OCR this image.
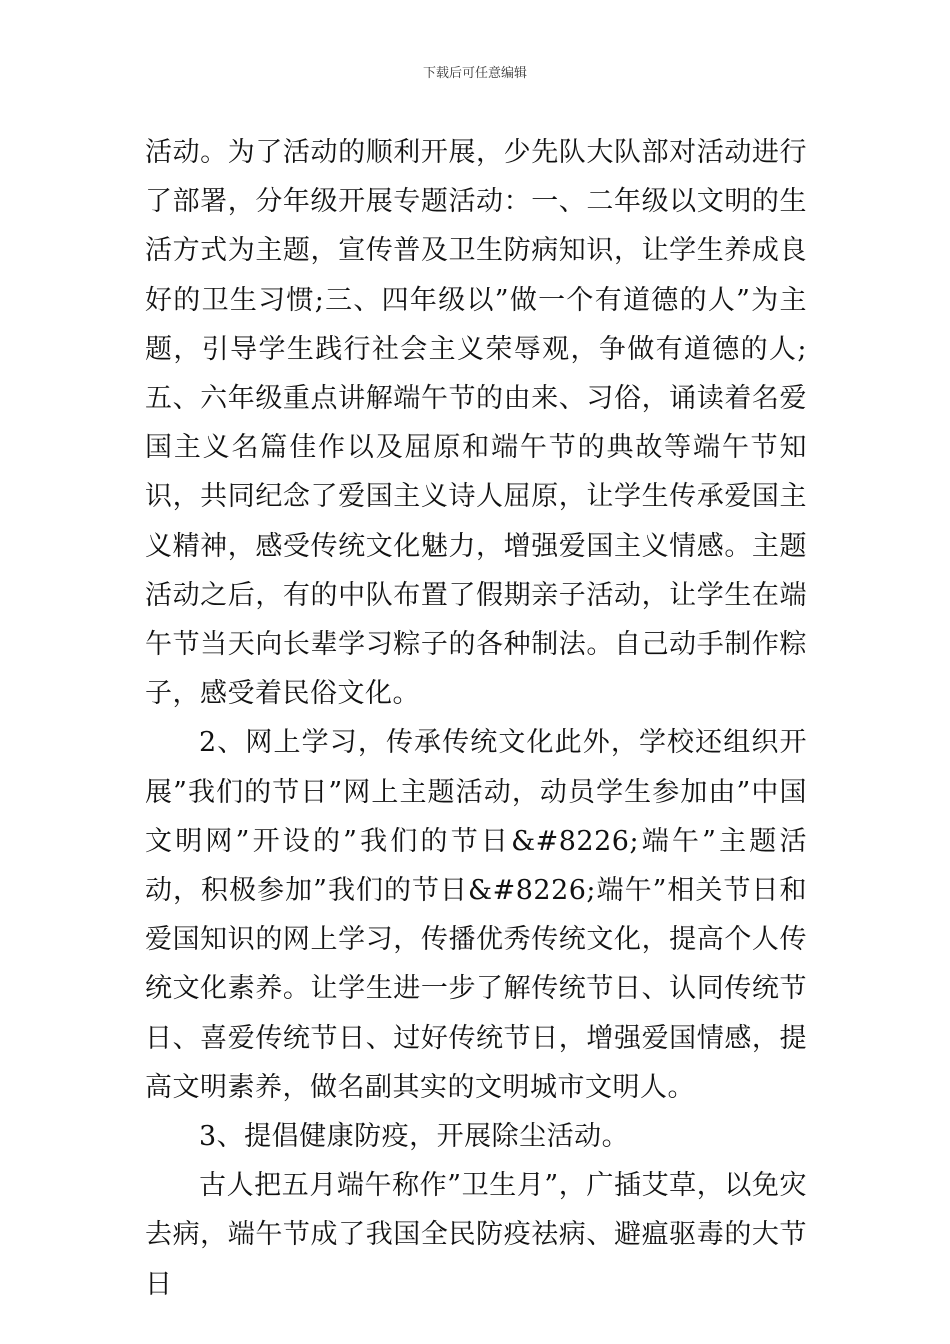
下载后可任意编辑

活动。为了活动的顺利开展，少先队大队部对活动进行了部署，分年级开展专题活动：一、二年级以文明的生活方式为主题，宣传普及卫生防病知识，让学生养成良好的卫生习惯;三、四年级以”做一个有道德的人”为主题，引导学生践行社会主义荣辱观，争做有道德的人;五、六年级重点讲解端午节的由来、习俗，诵读着名爱国主义名篇佳作以及屈原和端午节的典故等端午节知识，共同纪念了爱国主义诗人屈原，让学生传承爱国主义精神，感受传统文化魅力，增强爱国主义情感。主题活动之后，有的中队布置了假期亲子活动，让学生在端午节当天向长辈学习粽子的各种制法。自己动手制作粽子，感受着民俗文化。

2、网上学习，传承传统文化此外，学校还组织开展”我们的节日”网上主题活动，动员学生参加由”中国文明网”开设的”我们的节日&#8226;端午”主题活动，积极参加”我们的节日&#8226;端午”相关节日和爱国知识的网上学习，传播优秀传统文化，提高个人传统文化素养。让学生进一步了解传统节日、认同传统节日、喜爱传统节日、过好传统节日，增强爱国情感，提高文明素养，做名副其实的文明城市文明人。

3、提倡健康防疫，开展除尘活动。

古人把五月端午称作”卫生月”，广插艾草，以免灾去病，端午节成了我国全民防疫祛病、避瘟驱毒的大节日
